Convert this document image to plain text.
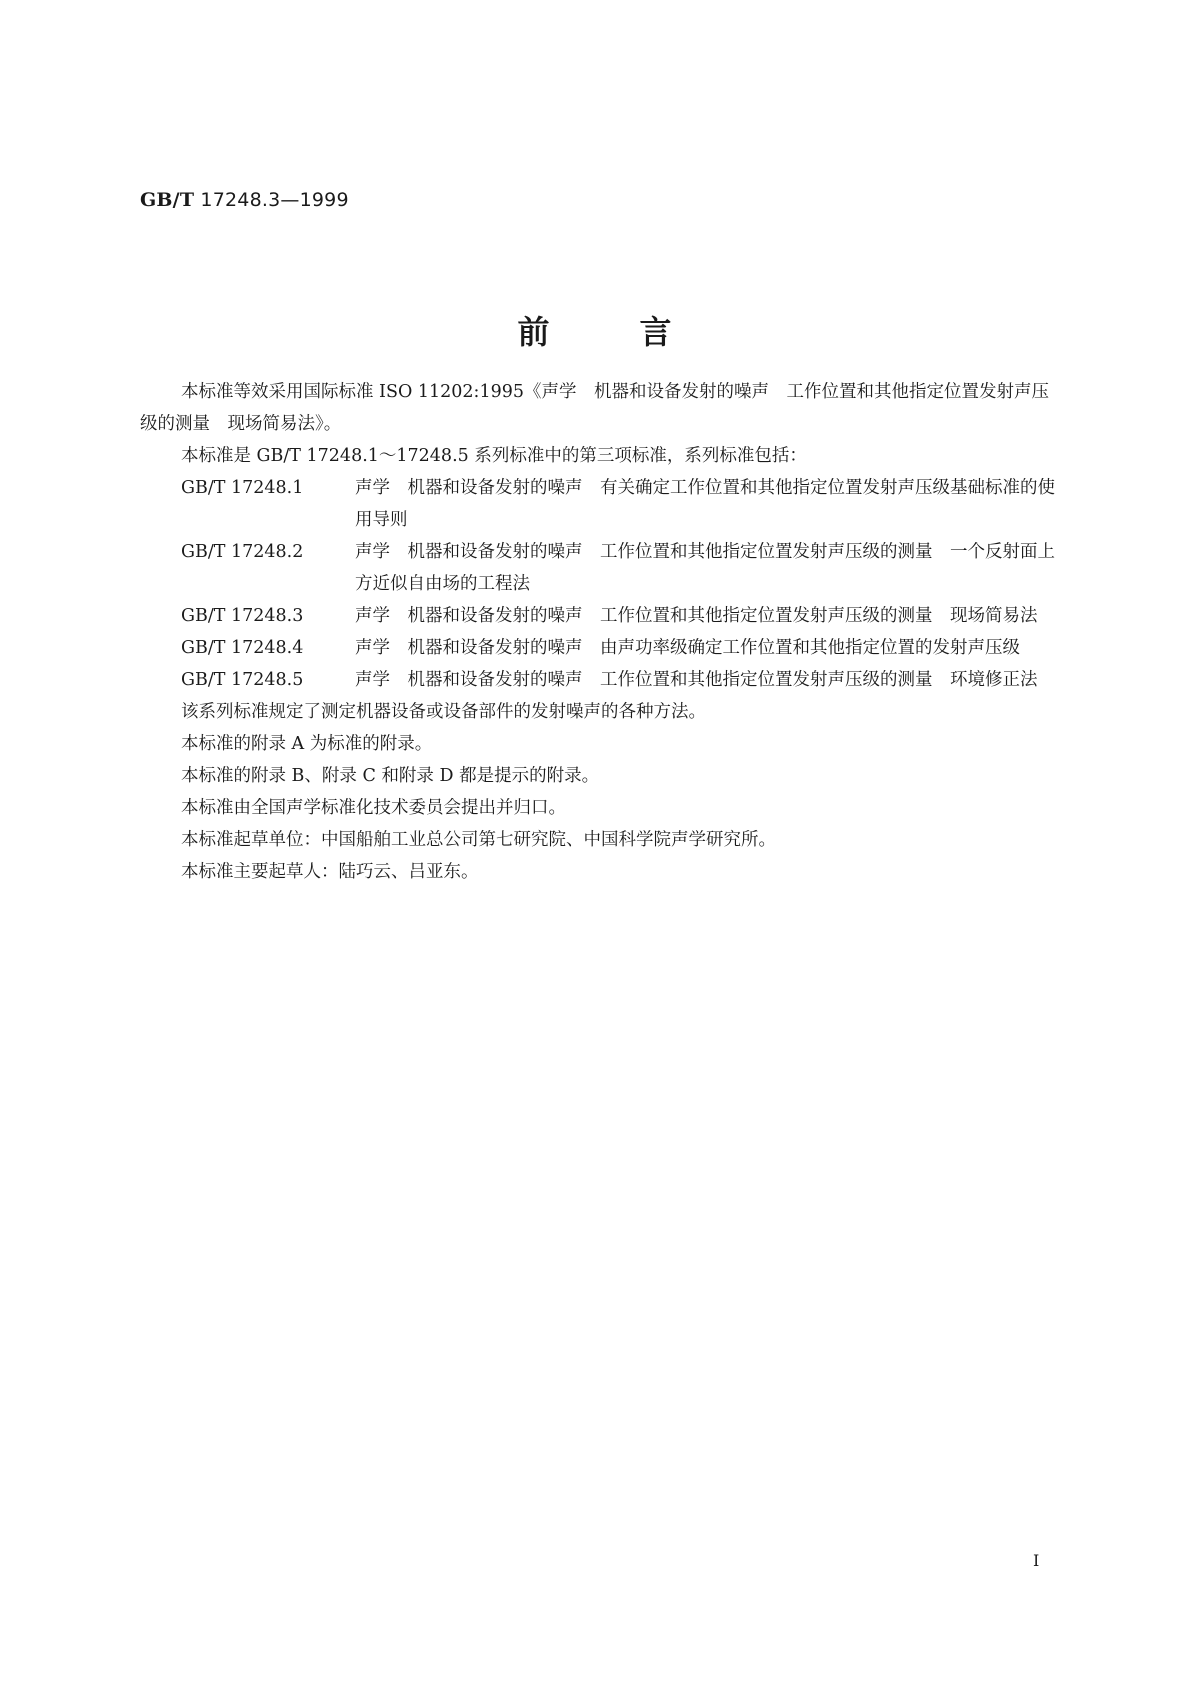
GB/T 17248.3—1999
前	言

本标准等效采用国际标准 ISO 11202:1995《声学　机器和设备发射的噪声　工作位置和其他指定位置发射声压级的测量　现场简易法》。

本标准是 GB/T 17248.1～17248.5 系列标准中的第三项标准，系列标准包括：

GB/T 17248.1	声学　机器和设备发射的噪声　有关确定工作位置和其他指定位置发射声压级基础标准的使用导则
GB/T 17248.2	声学　机器和设备发射的噪声　工作位置和其他指定位置发射声压级的测量　一个反射面上方近似自由场的工程法
GB/T 17248.3	声学　机器和设备发射的噪声　工作位置和其他指定位置发射声压级的测量　现场简易法
GB/T 17248.4	声学　机器和设备发射的噪声　由声功率级确定工作位置和其他指定位置的发射声压级
GB/T 17248.5	声学　机器和设备发射的噪声　工作位置和其他指定位置发射声压级的测量　环境修正法

该系列标准规定了测定机器设备或设备部件的发射噪声的各种方法。

本标准的附录 A 为标准的附录。

本标准的附录 B、附录 C 和附录 D 都是提示的附录。

本标准由全国声学标准化技术委员会提出并归口。

本标准起草单位：中国船舶工业总公司第七研究院、中国科学院声学研究所。

本标准主要起草人：陆巧云、吕亚东。

I
